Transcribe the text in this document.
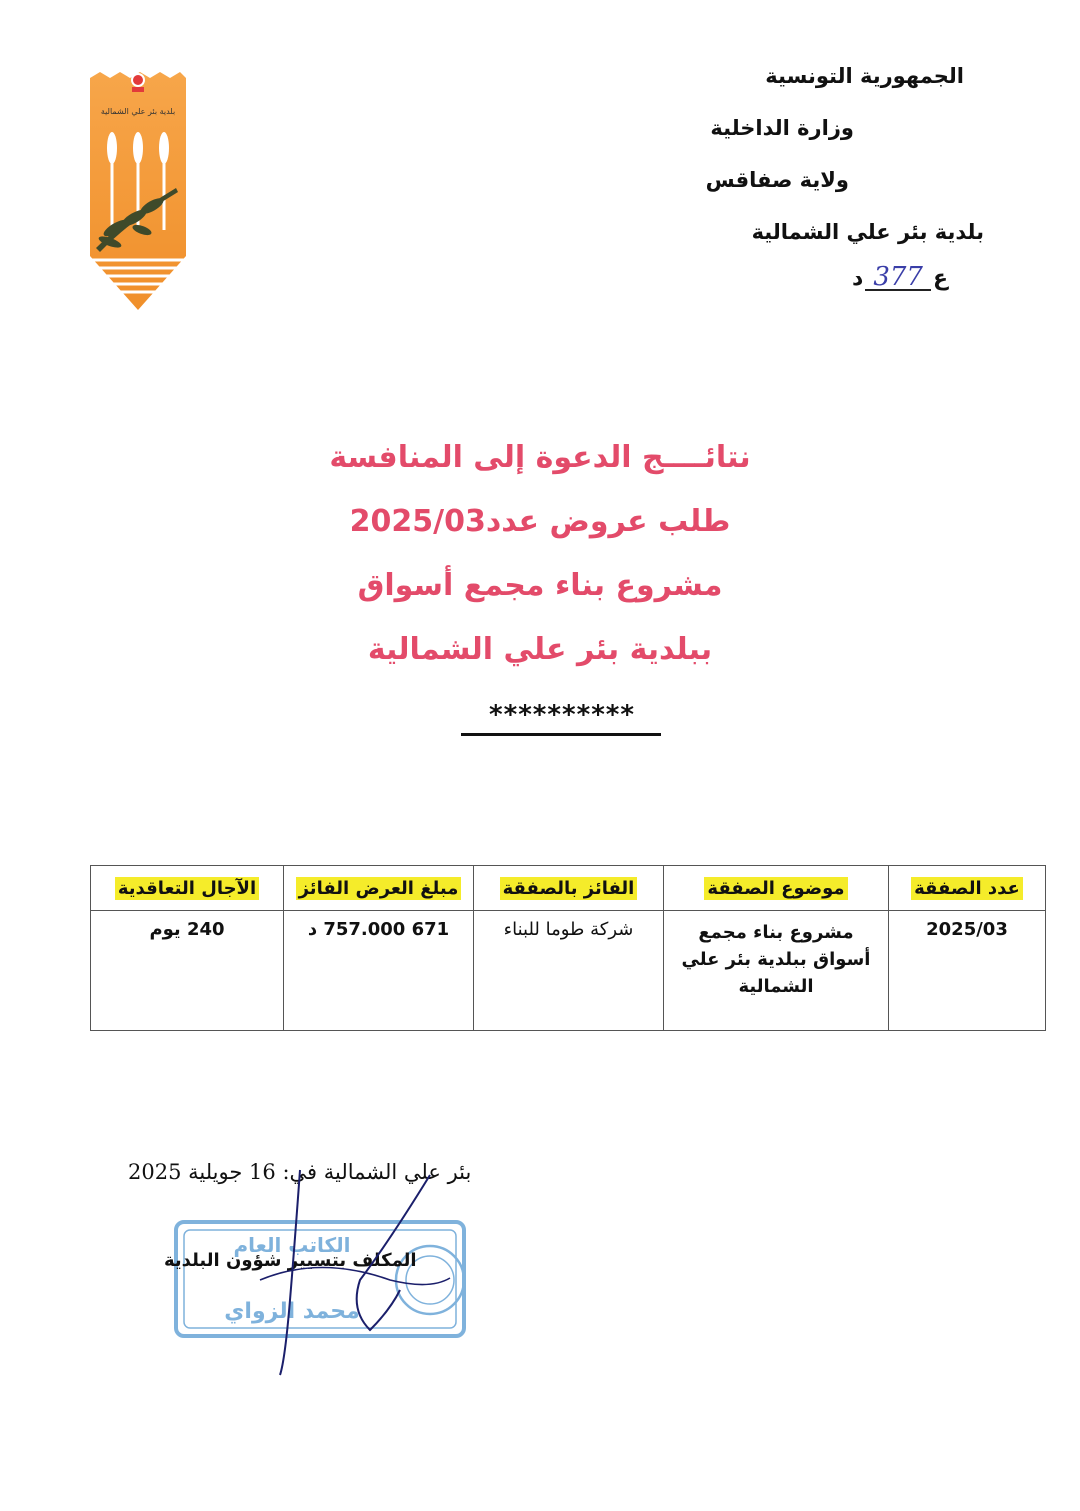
بلدية بئر علي الشمالية
الجمهورية التونسية
وزارة الداخلية
ولاية صفاقس
بلدية بئر علي الشمالية
ع377د
نتائــــج الدعوة إلى المنافسة
طلب عروض عدد2025/03
مشروع بناء مجمع أسواق
ببلدية بئر علي الشمالية
**********
عدد الصفقة	موضوع الصفقة	الفائز بالصفقة	مبلغ العرض الفائز	الآجال التعاقدية
2025/03	مشروع بناء مجمع أسواق ببلدية بئر علي الشمالية	شركة طوما للبناء	671 757.000 د	240 يوم
بئر علي الشمالية في: 16 جويلية 2025
الكاتب العام
محمد الزواي
المكلف بتسيير شؤون البلدية
